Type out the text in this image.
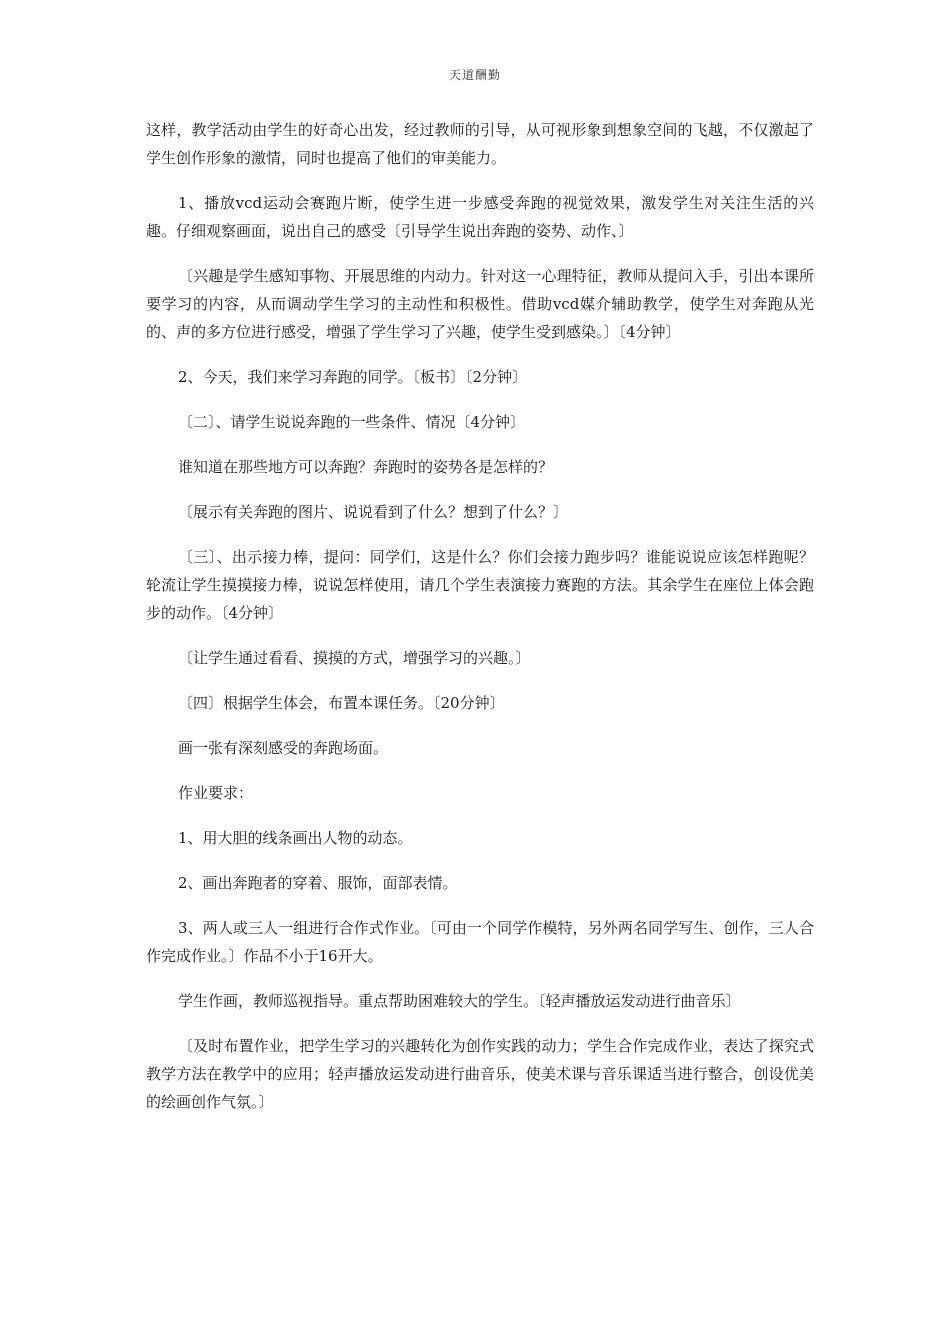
天道酬勤

这样，教学活动由学生的好奇心出发，经过教师的引导，从可视形象到想象空间的飞越，不仅激起了学生创作形象的激情，同时也提高了他们的审美能力。

1、播放vcd运动会赛跑片断，使学生进一步感受奔跑的视觉效果，激发学生对关注生活的兴趣。仔细观察画面，说出自己的感受〔引导学生说出奔跑的姿势、动作、〕

〔兴趣是学生感知事物、开展思维的内动力。针对这一心理特征，教师从提问入手，引出本课所要学习的内容，从而调动学生学习的主动性和积极性。借助vcd媒介辅助教学，使学生对奔跑从光的、声的多方位进行感受，增强了学生学习了兴趣，使学生受到感染。〕〔4分钟〕

2、今天，我们来学习奔跑的同学。〔板书〕〔2分钟〕

〔二〕、请学生说说奔跑的一些条件、情况〔4分钟〕

谁知道在那些地方可以奔跑？奔跑时的姿势各是怎样的？

〔展示有关奔跑的图片、说说看到了什么？想到了什么？〕

〔三〕、出示接力棒，提问：同学们，这是什么？你们会接力跑步吗？谁能说说应该怎样跑呢？轮流让学生摸摸接力棒，说说怎样使用，请几个学生表演接力赛跑的方法。其余学生在座位上体会跑步的动作。〔4分钟〕

〔让学生通过看看、摸摸的方式，增强学习的兴趣。〕

〔四〕根据学生体会，布置本课任务。〔20分钟〕

画一张有深刻感受的奔跑场面。

作业要求：

1、用大胆的线条画出人物的动态。

2、画出奔跑者的穿着、服饰，面部表情。

3、两人或三人一组进行合作式作业。〔可由一个同学作模特，另外两名同学写生、创作，三人合作完成作业。〕作品不小于16开大。

学生作画，教师巡视指导。重点帮助困难较大的学生。〔轻声播放运发动进行曲音乐〕

〔及时布置作业，把学生学习的兴趣转化为创作实践的动力；学生合作完成作业，表达了探究式教学方法在教学中的应用；轻声播放运发动进行曲音乐，使美术课与音乐课适当进行整合，创设优美的绘画创作气氛。〕
